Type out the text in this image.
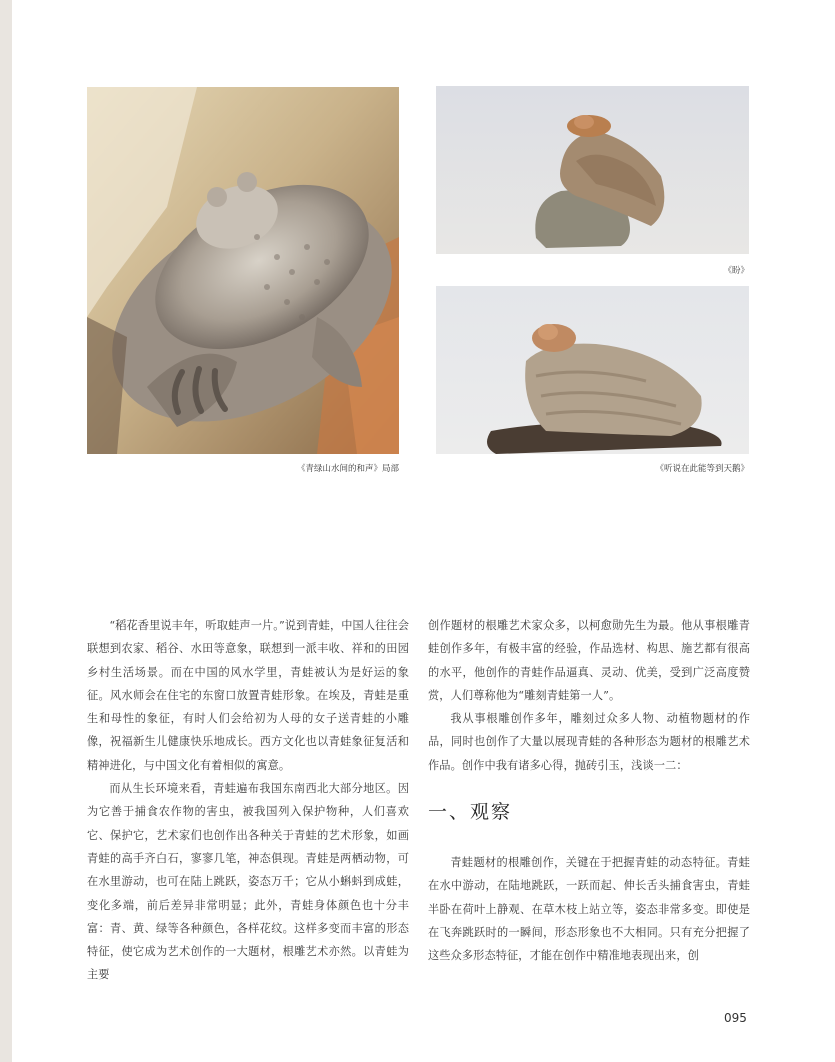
《青绿山水间的和声》局部
《盼》
《听说在此能等到天鹅》

“稻花香里说丰年，听取蛙声一片。”说到青蛙，中国人往往会联想到农家、稻谷、水田等意象，联想到一派丰收、祥和的田园乡村生活场景。而在中国的风水学里，青蛙被认为是好运的象征。风水师会在住宅的东窗口放置青蛙形象。在埃及，青蛙是重生和母性的象征，有时人们会给初为人母的女子送青蛙的小雕像，祝福新生儿健康快乐地成长。西方文化也以青蛙象征复活和精神进化，与中国文化有着相似的寓意。

而从生长环境来看，青蛙遍布我国东南西北大部分地区。因为它善于捕食农作物的害虫，被我国列入保护物种，人们喜欢它、保护它，艺术家们也创作出各种关于青蛙的艺术形象，如画青蛙的高手齐白石，寥寥几笔，神态俱现。青蛙是两栖动物，可在水里游动，也可在陆上跳跃，姿态万千；它从小蝌蚪到成蛙，变化多端，前后差异非常明显；此外，青蛙身体颜色也十分丰富：青、黄、绿等各种颜色，各样花纹。这样多变而丰富的形态特征，使它成为艺术创作的一大题材，根雕艺术亦然。以青蛙为主要

创作题材的根雕艺术家众多，以柯愈勋先生为最。他从事根雕青蛙创作多年，有极丰富的经验，作品选材、构思、施艺都有很高的水平，他创作的青蛙作品逼真、灵动、优美，受到广泛高度赞赏，人们尊称他为“雕刻青蛙第一人”。

我从事根雕创作多年，雕刻过众多人物、动植物题材的作品，同时也创作了大量以展现青蛙的各种形态为题材的根雕艺术作品。创作中我有诸多心得，抛砖引玉，浅谈一二：

一、观察

青蛙题材的根雕创作，关键在于把握青蛙的动态特征。青蛙在水中游动，在陆地跳跃，一跃而起、伸长舌头捕食害虫，青蛙半卧在荷叶上静观、在草木枝上站立等，姿态非常多变。即使是在飞奔跳跃时的一瞬间，形态形象也不大相同。只有充分把握了这些众多形态特征，才能在创作中精准地表现出来，创

095
